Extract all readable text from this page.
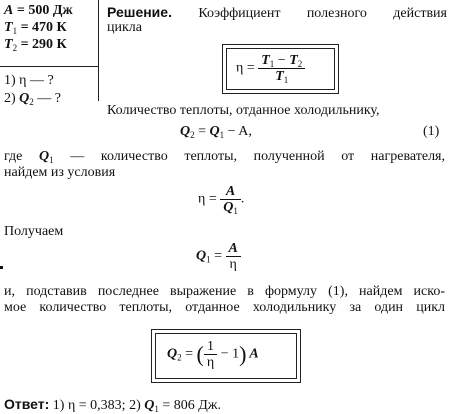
A = 500 Дж
$T_1 = 470$ К
$T_2 = 290$ К
1) η — ?
2) $Q_2$ — ?
Решение. Коэффициент полезного действия
цикла
$\eta = \frac{T_1 - T_2}{T_1}$
Количество теплоты, отданное холодильнику,
$Q_2 = Q_1 - A$,	(1)
где $Q_1$ — количество теплоты, полученной от нагревателя,
найдем из условия
$\eta = \frac{A}{Q_1}$ .
Получаем
$Q_1 = \frac{A}{\eta}$
и, подставив последнее выражение в формулу (1), найдем иско-
мое количество теплоты, отданное холодильнику за один цикл
$Q_2$ = ( $\frac{1}{\eta} - 1$) A
Ответ: 1) η = 0,383; 2) $Q_1 = 806$ Дж.
